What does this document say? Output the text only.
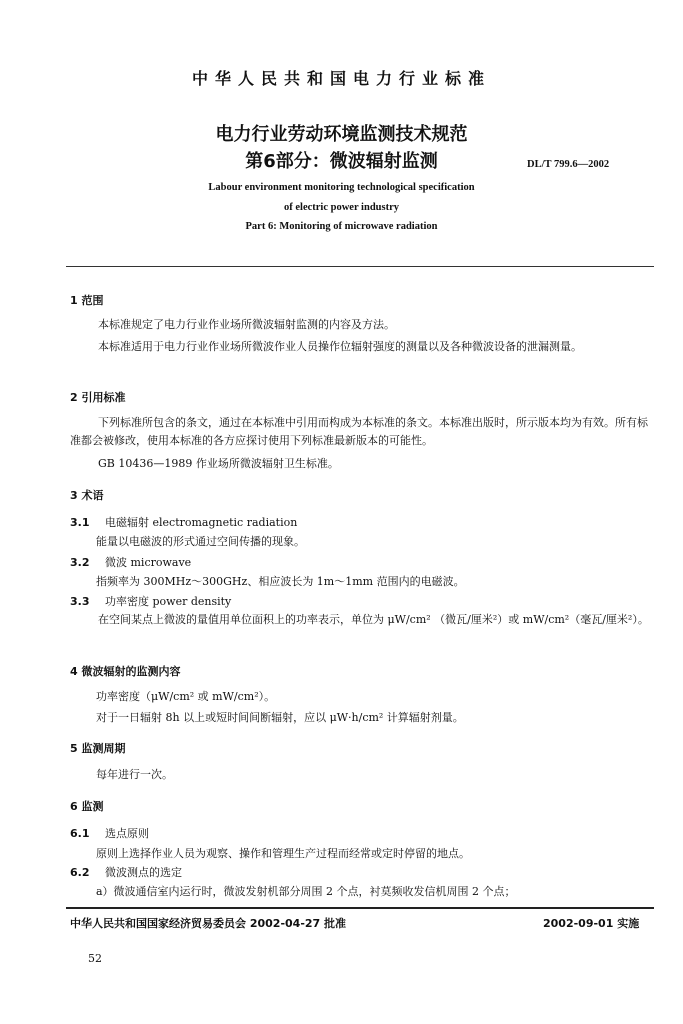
中华人民共和国电力行业标准
电力行业劳动环境监测技术规范
第6部分：微波辐射监测	DL/T 799.6—2002
Labour environment monitoring technological specification
of electric power industry
Part 6: Monitoring of microwave radiation
1 范围
本标准规定了电力行业作业场所微波辐射监测的内容及方法。
本标准适用于电力行业作业场所微波作业人员操作位辐射强度的测量以及各种微波设备的泄漏测量。
2 引用标准
下列标准所包含的条文，通过在本标准中引用而构成为本标准的条文。本标准出版时，所示版本均为有效。所有标准都会被修改，使用本标准的各方应探讨使用下列标准最新版本的可能性。
GB 10436—1989 作业场所微波辐射卫生标准。
3 术语
3.1 电磁辐射 electromagnetic radiation
能量以电磁波的形式通过空间传播的现象。
3.2 微波 microwave
指频率为 300MHz～300GHz、相应波长为 1m～1mm 范围内的电磁波。
3.3 功率密度 power density
在空间某点上微波的量值用单位面积上的功率表示，单位为 μW/cm² （微瓦/厘米²）或 mW/cm²（毫瓦/厘米²）。
4 微波辐射的监测内容
功率密度（μW/cm² 或 mW/cm²）。
对于一日辐射 8h 以上或短时间间断辐射，应以 μW·h/cm² 计算辐射剂量。
5 监测周期
每年进行一次。
6 监测
6.1 选点原则
原则上选择作业人员为观察、操作和管理生产过程而经常或定时停留的地点。
6.2 微波测点的选定
a）微波通信室内运行时，微波发射机部分周围 2 个点，衬莫频收发信机周围 2 个点；
中华人民共和国国家经济贸易委员会 2002-04-27 批准	2002-09-01 实施
52
